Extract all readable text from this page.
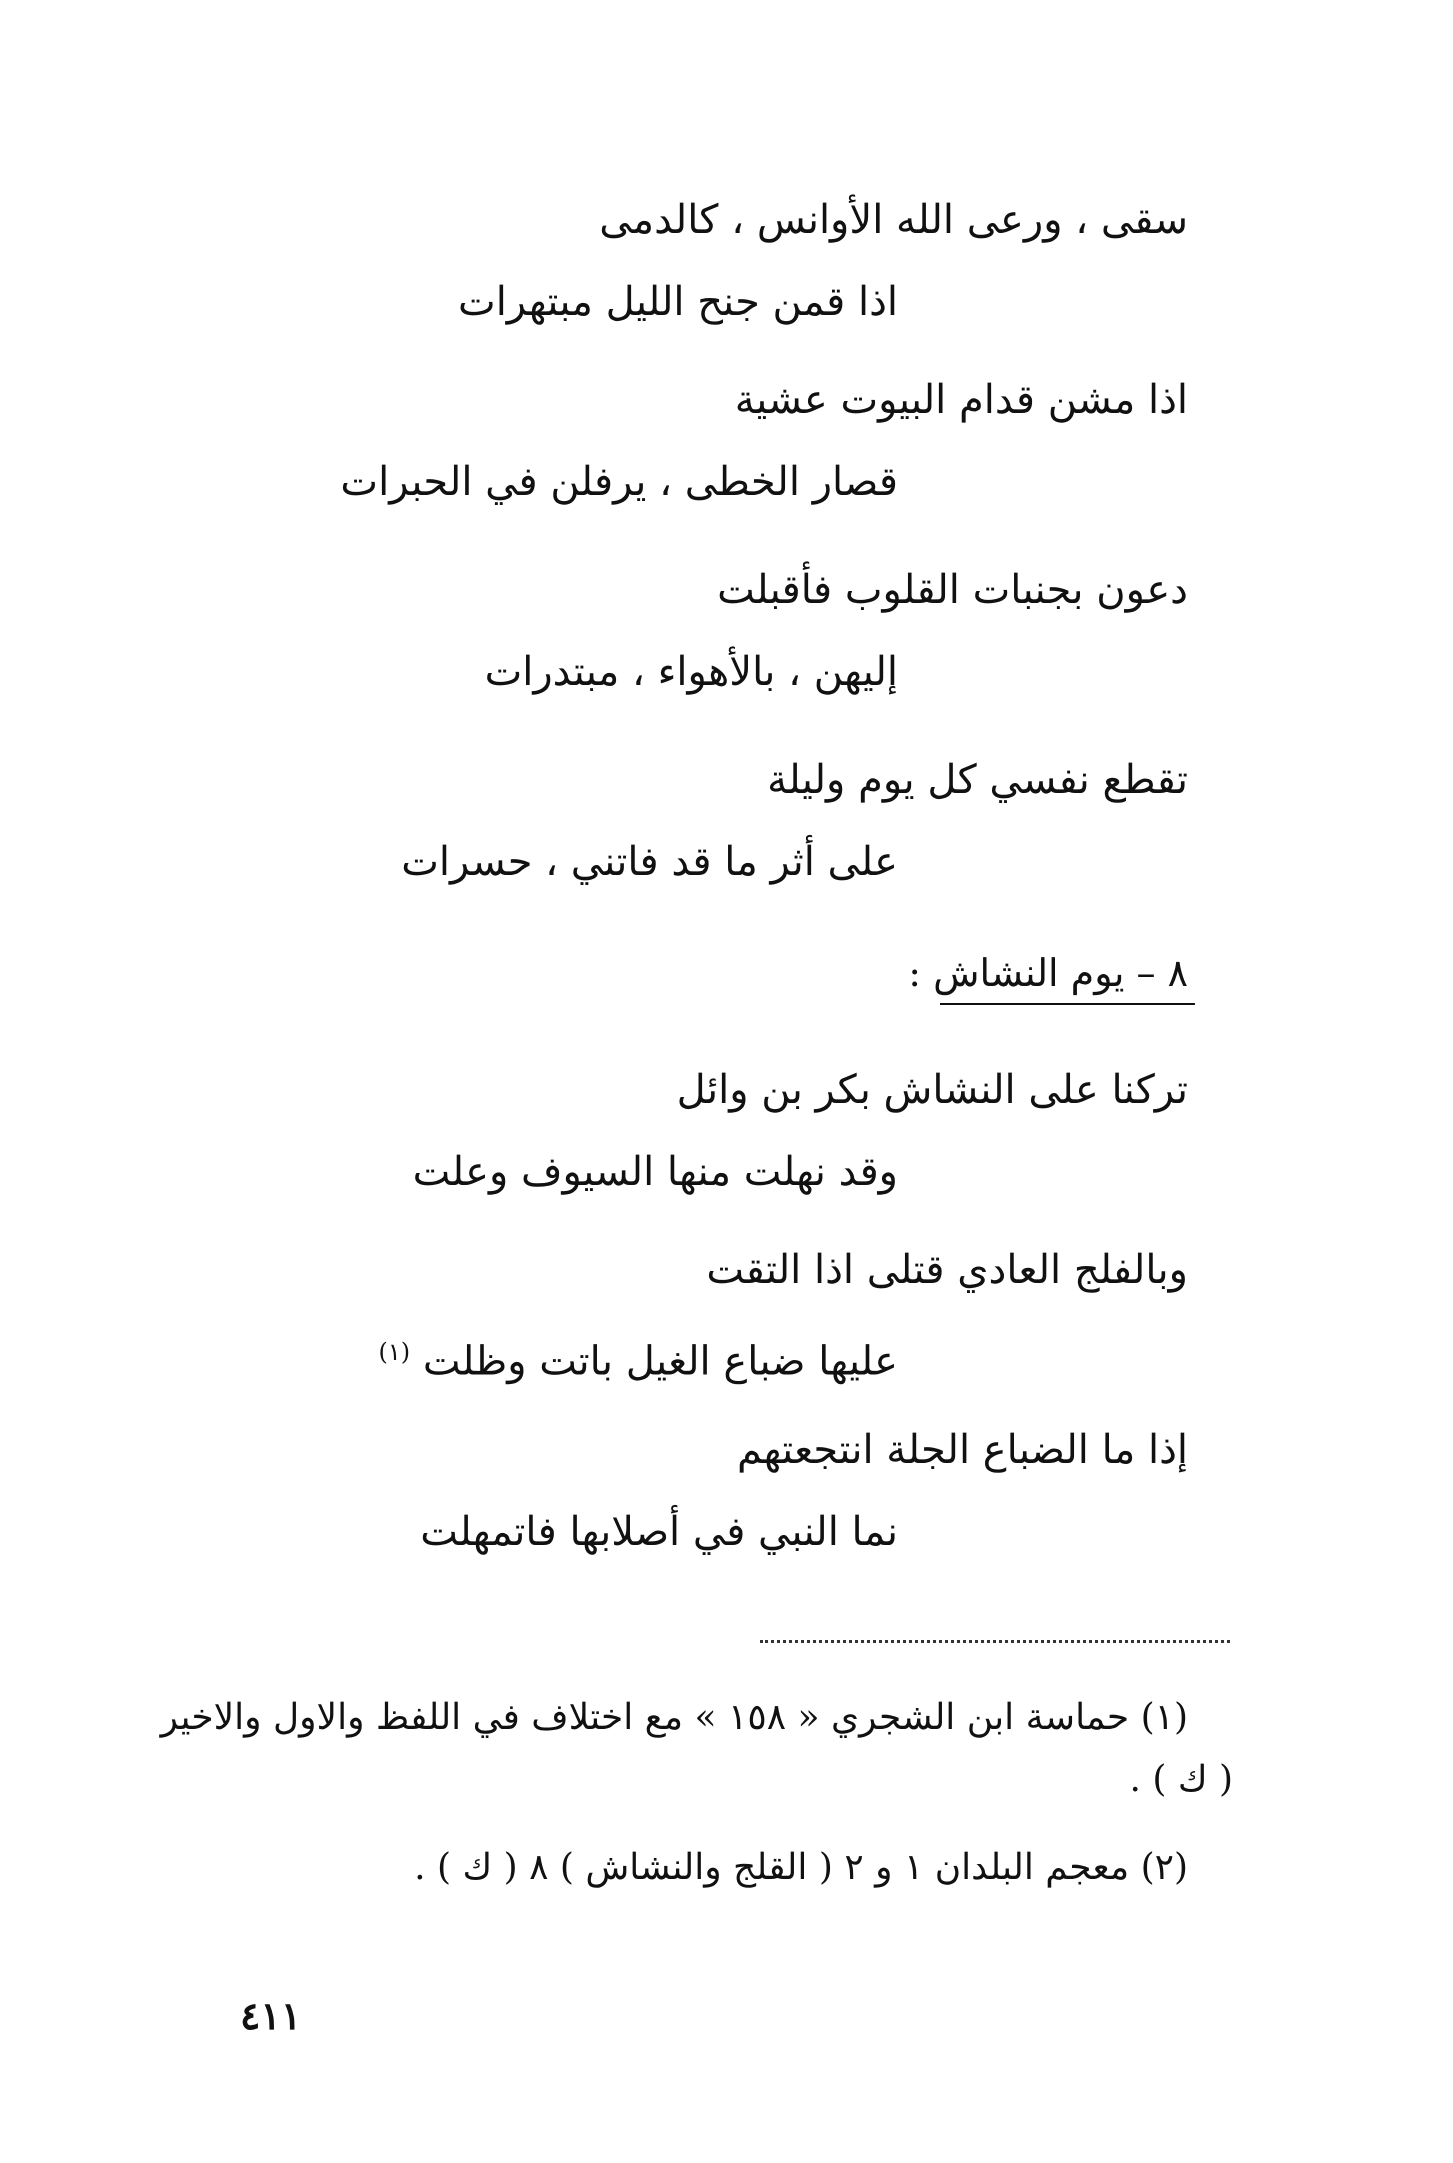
سقى ، ورعى الله الأوانس ، كالدمى
اذا قمن جنح الليل مبتهرات
اذا مشن قدام البيوت عشية
قصار الخطى ، يرفلن في الحبرات
دعون بجنبات القلوب فأقبلت
إليهن ، بالأهواء ، مبتدرات
تقطع نفسي كل يوم وليلة
على أثر ما قد فاتني ، حسرات
٨ – يوم النشاش :
تركنا على النشاش بكر بن وائل
وقد نهلت منها السيوف وعلت
وبالفلج العادي قتلى اذا التقت
عليها ضباع الغيل باتت وظلت $^{(١)}$
إذا ما الضباع الجلة انتجعتهم
نما النبي في أصلابها فاتمهلت
(١) حماسة ابن الشجري « ١٥٨ » مع اختلاف في اللفظ والاول والاخير
( ك ) .
(٢) معجم البلدان ١ و ٢ ( القلج والنشاش ) ٨ ( ك ) .
٤١١
